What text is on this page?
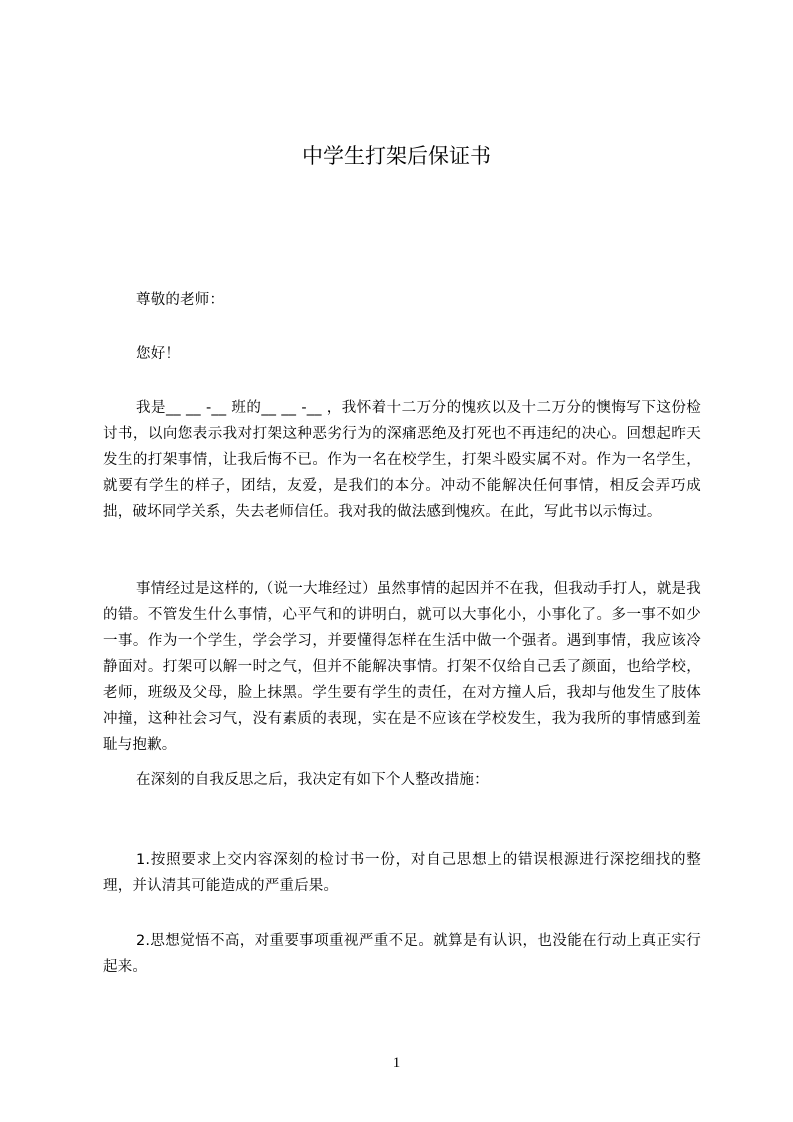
中学生打架后保证书

尊敬的老师：

您好！

我是__ __ -__ 班的__ __ -__ ，我怀着十二万分的愧疚以及十二万分的懊悔写下这份检讨书，以向您表示我对打架这种恶劣行为的深痛恶绝及打死也不再违纪的决心。回想起昨天发生的打架事情，让我后悔不已。作为一名在校学生，打架斗殴实属不对。作为一名学生，就要有学生的样子，团结，友爱，是我们的本分。冲动不能解决任何事情，相反会弄巧成拙，破坏同学关系，失去老师信任。我对我的做法感到愧疚。在此，写此书以示悔过。

事情经过是这样的,（说一大堆经过）虽然事情的起因并不在我，但我动手打人，就是我的错。不管发生什么事情，心平气和的讲明白，就可以大事化小，小事化了。多一事不如少一事。作为一个学生，学会学习，并要懂得怎样在生活中做一个强者。遇到事情，我应该冷静面对。打架可以解一时之气，但并不能解决事情。打架不仅给自己丢了颜面，也给学校，老师，班级及父母，脸上抹黑。学生要有学生的责任，在对方撞人后，我却与他发生了肢体冲撞，这种社会习气，没有素质的表现，实在是不应该在学校发生，我为我所的事情感到羞耻与抱歉。

在深刻的自我反思之后，我决定有如下个人整改措施：

1.按照要求上交内容深刻的检讨书一份，对自己思想上的错误根源进行深挖细找的整理，并认清其可能造成的严重后果。

2.思想觉悟不高，对重要事项重视严重不足。就算是有认识，也没能在行动上真正实行起来。

1
